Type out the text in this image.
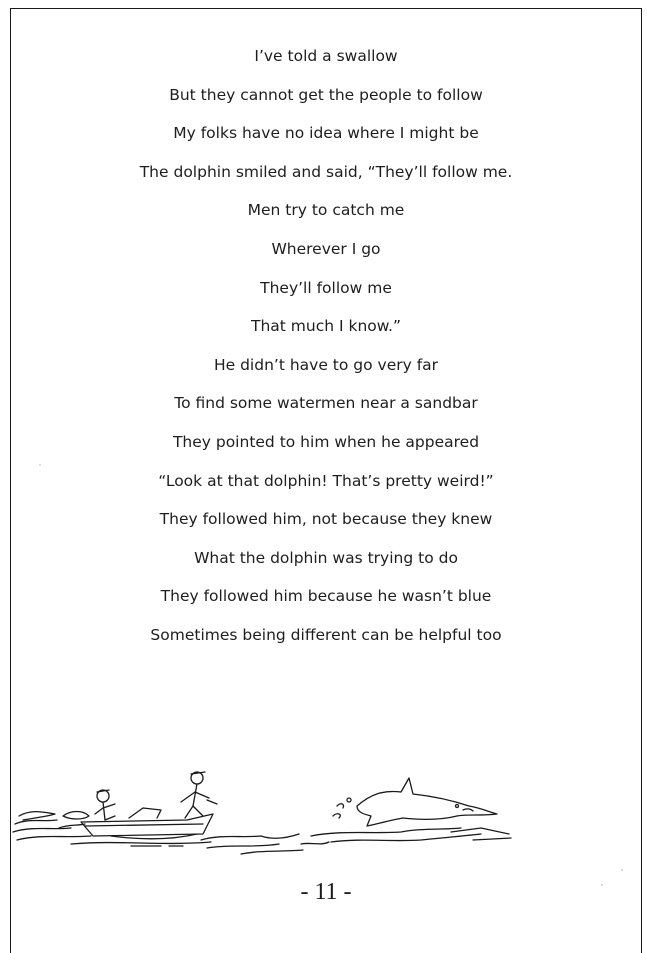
I’ve told a swallow
But they cannot get the people to follow
My folks have no idea where I might be
The dolphin smiled and said, “They’ll follow me.
Men try to catch me
Wherever I go
They’ll follow me
That much I know.”
He didn’t have to go very far
To find some watermen near a sandbar
They pointed to him when he appeared
“Look at that dolphin! That’s pretty weird!”
They followed him, not because they knew
What the dolphin was trying to do
They followed him because he wasn’t blue
Sometimes being different can be helpful too
- 11 -
